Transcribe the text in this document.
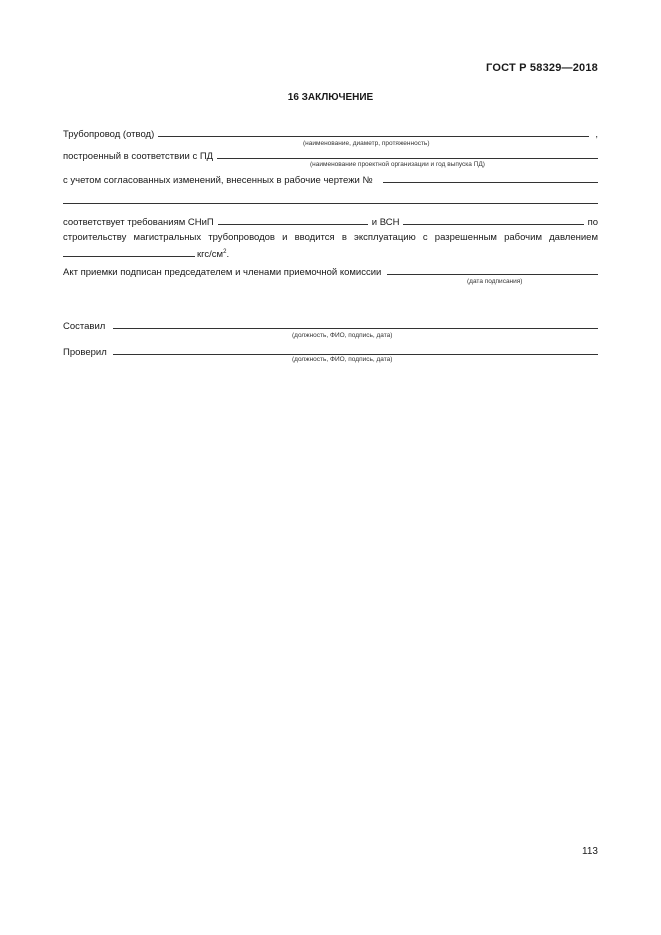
ГОСТ Р 58329—2018
16 ЗАКЛЮЧЕНИЕ
Трубопровод (отвод)	,
(наименование, диаметр, протяженность)
построенный в соответствии с ПД
(наименование проектной организации и год выпуска ПД)
с учетом согласованных изменений, внесенных в рабочие чертежи №
соответствует требованиям СНиП	и ВСН	по
строительству магистральных трубопроводов и вводится в эксплуатацию с разрешенным рабочим давлением
кгс/$см^2$.
Акт приемки подписан председателем и членами приемочной комиссии
(дата подписания)
Составил
(должность, ФИО, подпись, дата)
Проверил
(должность, ФИО, подпись, дата)
113
